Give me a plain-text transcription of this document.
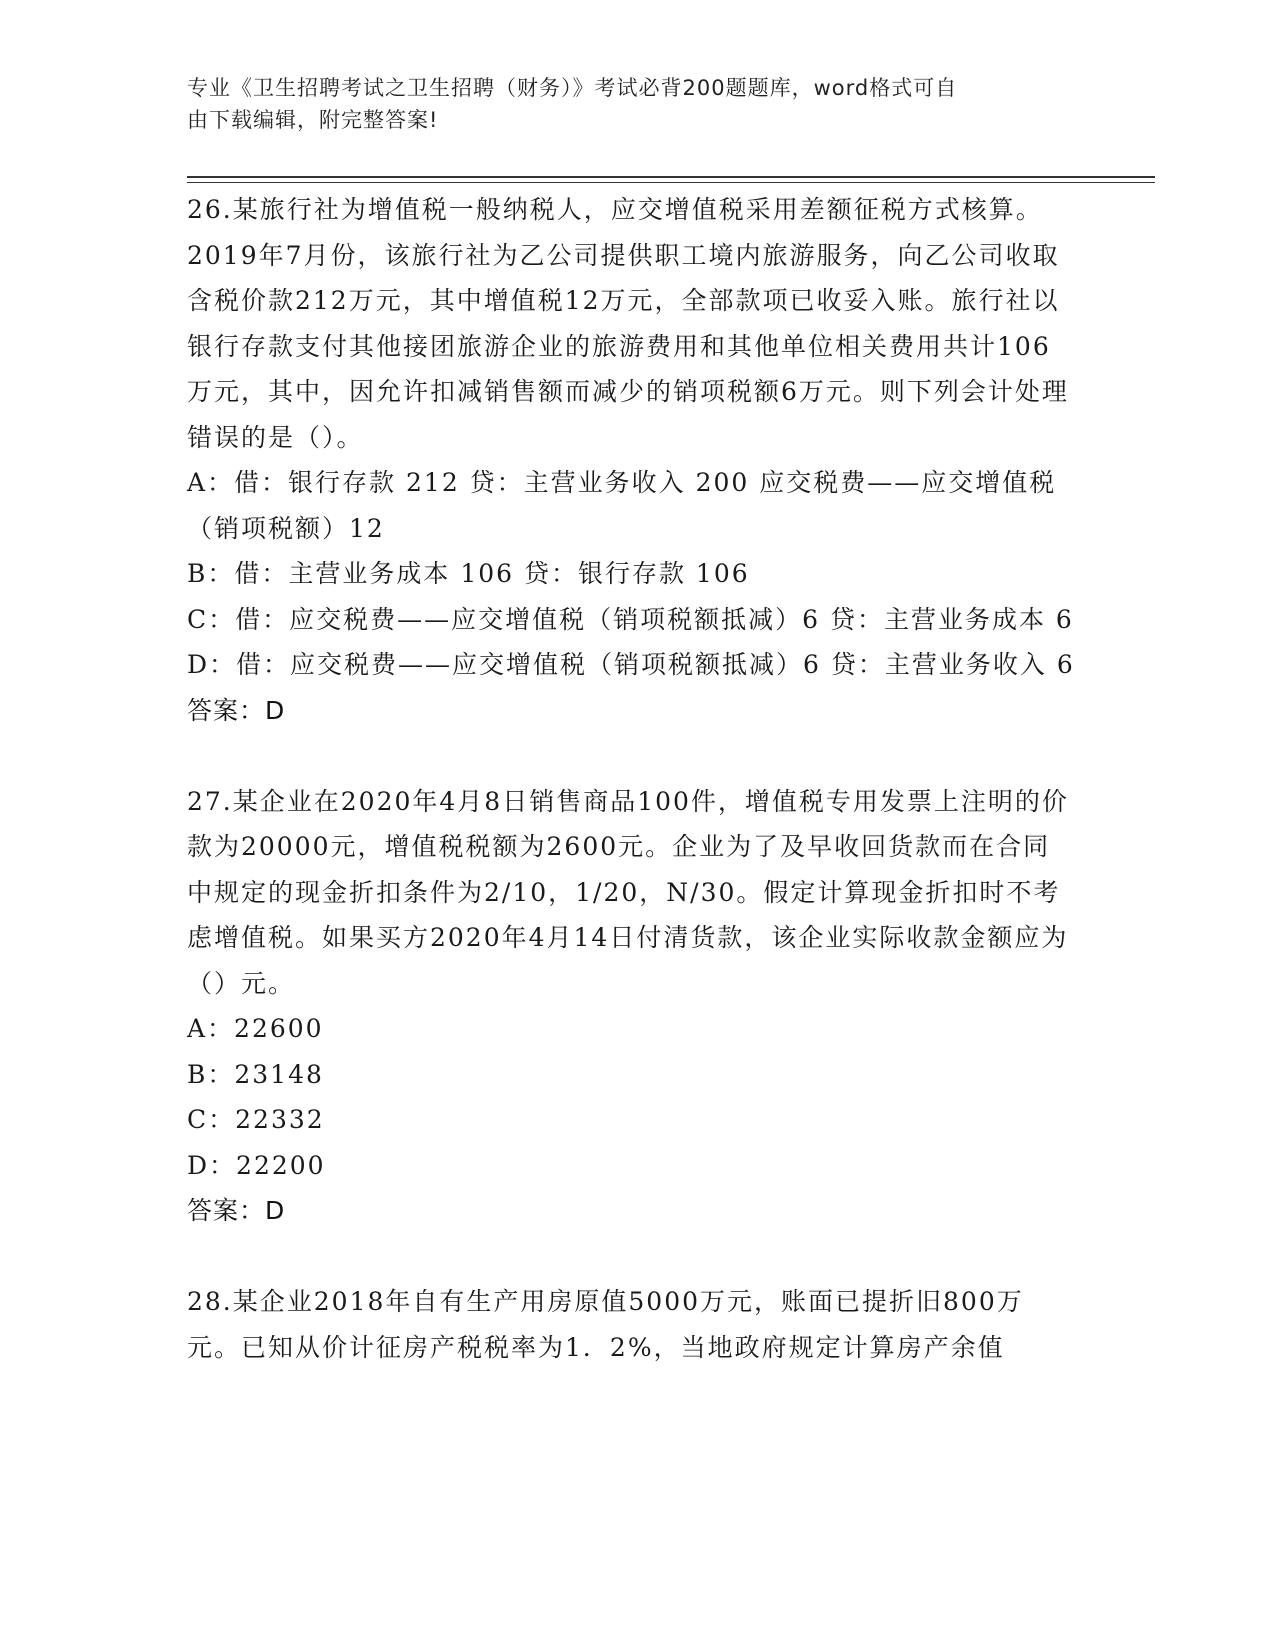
专业《卫生招聘考试之卫生招聘（财务）》考试必背200题题库，word格式可自
由下载编辑，附完整答案!

26.某旅行社为增值税一般纳税人，应交增值税采用差额征税方式核算。2019年7月份，该旅行社为乙公司提供职工境内旅游服务，向乙公司收取含税价款212万元，其中增值税12万元，全部款项已收妥入账。旅行社以银行存款支付其他接团旅游企业的旅游费用和其他单位相关费用共计106万元，其中，因允许扣减销售额而减少的销项税额6万元。则下列会计处理错误的是（）。

A：借：银行存款 212 贷：主营业务收入 200 应交税费——应交增值税（销项税额）12

B：借：主营业务成本 106 贷：银行存款 106

C：借：应交税费——应交增值税（销项税额抵减）6 贷：主营业务成本 6

D：借：应交税费——应交增值税（销项税额抵减）6 贷：主营业务收入 6

答案：D

27.某企业在2020年4月8日销售商品100件，增值税专用发票上注明的价款为20000元，增值税税额为2600元。企业为了及早收回货款而在合同中规定的现金折扣条件为2/10，1/20，N/30。假定计算现金折扣时不考虑增值税。如果买方2020年4月14日付清货款，该企业实际收款金额应为（）元。

A：22600

B：23148

C：22332

D：22200

答案：D

28.某企业2018年自有生产用房原值5000万元，账面已提折旧800万元。已知从价计征房产税税率为1．2%，当地政府规定计算房产余值
